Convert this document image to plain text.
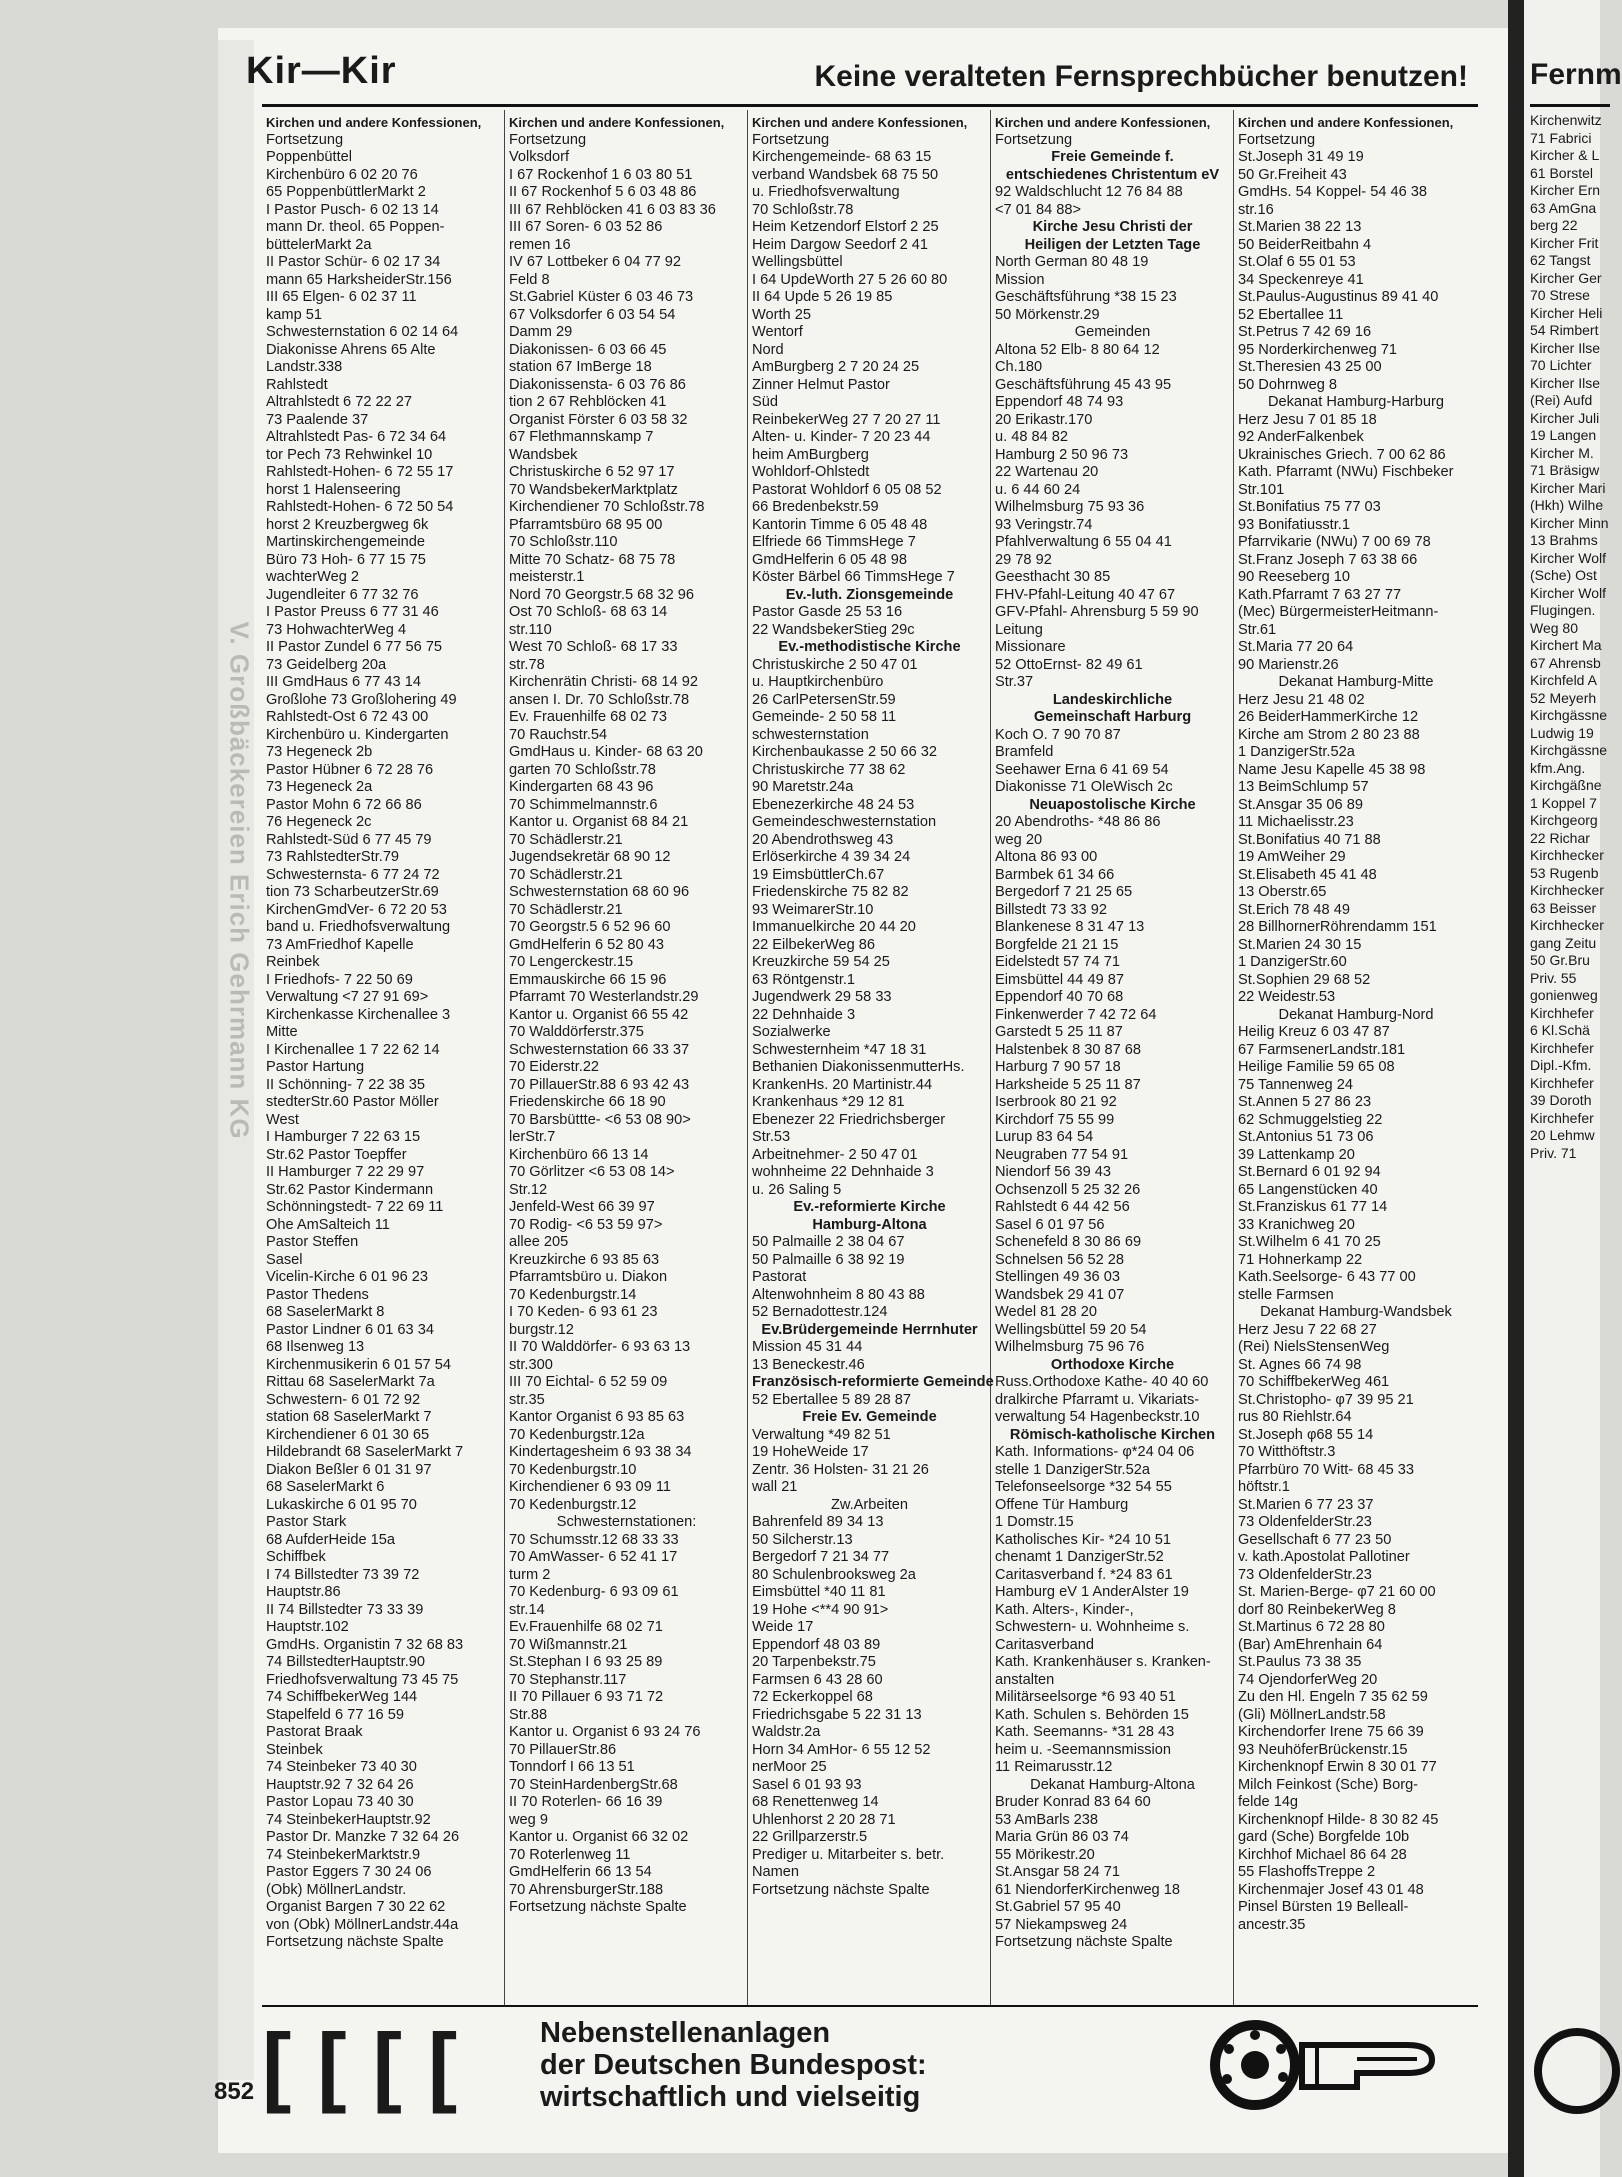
V. Großbäckereien Erich Gehrmann KG
Kir—Kir	Keine veralteten Fernsprechbücher benutzen!
Kirchen und andere Konfessionen,
Fortsetzung
Poppenbüttel
Kirchenbüro 6 02 20 76
65 PoppenbüttlerMarkt 2
I Pastor Pusch- 6 02 13 14
mann Dr. theol. 65 Poppen-
büttelerMarkt 2a
II Pastor Schür- 6 02 17 34
mann 65 HarksheiderStr.156
III 65 Elgen- 6 02 37 11
kamp 51
Schwesternstation 6 02 14 64
Diakonisse Ahrens 65 Alte
Landstr.338
Rahlstedt
Altrahlstedt 6 72 22 27
73 Paalende 37
Altrahlstedt Pas- 6 72 34 64
tor Pech 73 Rehwinkel 10
Rahlstedt-Hohen- 6 72 55 17
horst 1 Halenseering
Rahlstedt-Hohen- 6 72 50 54
horst 2 Kreuzbergweg 6k
Martinskirchengemeinde
Büro 73 Hoh- 6 77 15 75
wachterWeg 2
Jugendleiter 6 77 32 76
I Pastor Preuss 6 77 31 46
73 HohwachterWeg 4
II Pastor Zundel 6 77 56 75
73 Geidelberg 20a
III GmdHaus 6 77 43 14
Großlohe 73 Großlohering 49
Rahlstedt-Ost 6 72 43 00
Kirchenbüro u. Kindergarten
73 Hegeneck 2b
Pastor Hübner 6 72 28 76
73 Hegeneck 2a
Pastor Mohn 6 72 66 86
76 Hegeneck 2c
Rahlstedt-Süd 6 77 45 79
73 RahlstedterStr.79
Schwesternsta- 6 77 24 72
tion 73 ScharbeutzerStr.69
KirchenGmdVer- 6 72 20 53
band u. Friedhofsverwaltung
73 AmFriedhof Kapelle
Reinbek
I Friedhofs- 7 22 50 69
Verwaltung <7 27 91 69>
Kirchenkasse Kirchenallee 3
Mitte
I Kirchenallee 1 7 22 62 14
Pastor Hartung
II Schönning- 7 22 38 35
stedterStr.60 Pastor Möller
West
I Hamburger 7 22 63 15
Str.62 Pastor Toepffer
II Hamburger 7 22 29 97
Str.62 Pastor Kindermann
Schönningstedt- 7 22 69 11
Ohe AmSalteich 11
Pastor Steffen
Sasel
Vicelin-Kirche 6 01 96 23
Pastor Thedens
68 SaselerMarkt 8
Pastor Lindner 6 01 63 34
68 Ilsenweg 13
Kirchenmusikerin 6 01 57 54
Rittau 68 SaselerMarkt 7a
Schwestern- 6 01 72 92
station 68 SaselerMarkt 7
Kirchendiener 6 01 30 65
Hildebrandt 68 SaselerMarkt 7
Diakon Beßler 6 01 31 97
68 SaselerMarkt 6
Lukaskirche 6 01 95 70
Pastor Stark
68 AufderHeide 15a
Schiffbek
I 74 Billstedter 73 39 72
Hauptstr.86
II 74 Billstedter 73 33 39
Hauptstr.102
GmdHs. Organistin 7 32 68 83
74 BillstedterHauptstr.90
Friedhofsverwaltung 73 45 75
74 SchiffbekerWeg 144
Stapelfeld 6 77 16 59
Pastorat Braak
Steinbek
74 Steinbeker 73 40 30
Hauptstr.92 7 32 64 26
Pastor Lopau 73 40 30
74 SteinbekerHauptstr.92
Pastor Dr. Manzke 7 32 64 26
74 SteinbekerMarktstr.9
Pastor Eggers 7 30 24 06
(Obk) MöllnerLandstr.
Organist Bargen 7 30 22 62
von (Obk) MöllnerLandstr.44a
Fortsetzung nächste Spalte
Kirchen und andere Konfessionen,
Fortsetzung
Volksdorf
I 67 Rockenhof 1 6 03 80 51
II 67 Rockenhof 5 6 03 48 86
III 67 Rehblöcken 41 6 03 83 36
III 67 Soren- 6 03 52 86
remen 16
IV 67 Lottbeker 6 04 77 92
Feld 8
St.Gabriel Küster 6 03 46 73
67 Volksdorfer 6 03 54 54
Damm 29
Diakonissen- 6 03 66 45
station 67 ImBerge 18
Diakonissensta- 6 03 76 86
tion 2 67 Rehblöcken 41
Organist Förster 6 03 58 32
67 Flethmannskamp 7
Wandsbek
Christuskirche 6 52 97 17
70 WandsbekerMarktplatz
Kirchendiener 70 Schloßstr.78
Pfarramtsbüro 68 95 00
70 Schloßstr.110
Mitte 70 Schatz- 68 75 78
meisterstr.1
Nord 70 Georgstr.5 68 32 96
Ost 70 Schloß- 68 63 14
str.110
West 70 Schloß- 68 17 33
str.78
Kirchenrätin Christi- 68 14 92
ansen I. Dr. 70 Schloßstr.78
Ev. Frauenhilfe 68 02 73
70 Rauchstr.54
GmdHaus u. Kinder- 68 63 20
garten 70 Schloßstr.78
Kindergarten 68 43 96
70 Schimmelmannstr.6
Kantor u. Organist 68 84 21
70 Schädlerstr.21
Jugendsekretär 68 90 12
70 Schädlerstr.21
Schwesternstation 68 60 96
70 Schädlerstr.21
70 Georgstr.5 6 52 96 60
GmdHelferin 6 52 80 43
70 Lengerckestr.15
Emmauskirche 66 15 96
Pfarramt 70 Westerlandstr.29
Kantor u. Organist 66 55 42
70 Walddörferstr.375
Schwesternstation 66 33 37
70 Eiderstr.22
70 PillauerStr.88 6 93 42 43
Friedenskirche 66 18 90
70 Barsbüttte- <6 53 08 90>
lerStr.7
Kirchenbüro 66 13 14
70 Görlitzer <6 53 08 14>
Str.12
Jenfeld-West 66 39 97
70 Rodig- <6 53 59 97>
allee 205
Kreuzkirche 6 93 85 63
Pfarramtsbüro u. Diakon
70 Kedenburgstr.14
I 70 Keden- 6 93 61 23
burgstr.12
II 70 Walddörfer- 6 93 63 13
str.300
III 70 Eichtal- 6 52 59 09
str.35
Kantor Organist 6 93 85 63
70 Kedenburgstr.12a
Kindertagesheim 6 93 38 34
70 Kedenburgstr.10
Kirchendiener 6 93 09 11
70 Kedenburgstr.12
Schwesternstationen:
70 Schumsstr.12 68 33 33
70 AmWasser- 6 52 41 17
turm 2
70 Kedenburg- 6 93 09 61
str.14
Ev.Frauenhilfe 68 02 71
70 Wißmannstr.21
St.Stephan I 6 93 25 89
70 Stephanstr.117
II 70 Pillauer 6 93 71 72
Str.88
Kantor u. Organist 6 93 24 76
70 PillauerStr.86
Tonndorf I 66 13 51
70 SteinHardenbergStr.68
II 70 Roterlen- 66 16 39
weg 9
Kantor u. Organist 66 32 02
70 Roterlenweg 11
GmdHelferin 66 13 54
70 AhrensburgerStr.188
Fortsetzung nächste Spalte
Kirchen und andere Konfessionen,
Fortsetzung
Kirchengemeinde- 68 63 15
verband Wandsbek 68 75 50
u. Friedhofsverwaltung
70 Schloßstr.78
Heim Ketzendorf Elstorf 2 25
Heim Dargow Seedorf 2 41
Wellingsbüttel
I 64 UpdeWorth 27 5 26 60 80
II 64 Upde 5 26 19 85
Worth 25
Wentorf
Nord
AmBurgberg 2 7 20 24 25
Zinner Helmut Pastor
Süd
ReinbekerWeg 27 7 20 27 11
Alten- u. Kinder- 7 20 23 44
heim AmBurgberg
Wohldorf-Ohlstedt
Pastorat Wohldorf 6 05 08 52
66 Bredenbekstr.59
Kantorin Timme 6 05 48 48
Elfriede 66 TimmsHege 7
GmdHelferin 6 05 48 98
Köster Bärbel 66 TimmsHege 7
Ev.-luth. Zionsgemeinde
Pastor Gasde 25 53 16
22 WandsbekerStieg 29c
Ev.-methodistische Kirche
Christuskirche 2 50 47 01
u. Hauptkirchenbüro
26 CarlPetersenStr.59
Gemeinde- 2 50 58 11
schwesternstation
Kirchenbaukasse 2 50 66 32
Christuskirche 77 38 62
90 Maretstr.24a
Ebenezerkirche 48 24 53
Gemeindeschwesternstation
20 Abendrothsweg 43
Erlöserkirche 4 39 34 24
19 EimsbüttlerCh.67
Friedenskirche 75 82 82
93 WeimarerStr.10
Immanuelkirche 20 44 20
22 EilbekerWeg 86
Kreuzkirche 59 54 25
63 Röntgenstr.1
Jugendwerk 29 58 33
22 Dehnhaide 3
Sozialwerke
Schwesternheim *47 18 31
Bethanien DiakonissenmutterHs.
KrankenHs. 20 Martinistr.44
Krankenhaus *29 12 81
Ebenezer 22 Friedrichsberger
Str.53
Arbeitnehmer- 2 50 47 01
wohnheime 22 Dehnhaide 3
u. 26 Saling 5
Ev.-reformierte Kirche
Hamburg-Altona
50 Palmaille 2 38 04 67
50 Palmaille 6 38 92 19
Pastorat
Altenwohnheim 8 80 43 88
52 Bernadottestr.124
Ev.Brüdergemeinde Herrnhuter
Mission 45 31 44
13 Beneckestr.46
Französisch-reformierte Gemeinde
52 Ebertallee 5 89 28 87
Freie Ev. Gemeinde
Verwaltung *49 82 51
19 HoheWeide 17
Zentr. 36 Holsten- 31 21 26
wall 21
Zw.Arbeiten
Bahrenfeld 89 34 13
50 Silcherstr.13
Bergedorf 7 21 34 77
80 Schulenbrooksweg 2a
Eimsbüttel *40 11 81
19 Hohe <**4 90 91>
Weide 17
Eppendorf 48 03 89
20 Tarpenbekstr.75
Farmsen 6 43 28 60
72 Eckerkoppel 68
Friedrichsgabe 5 22 31 13
Waldstr.2a
Horn 34 AmHor- 6 55 12 52
nerMoor 25
Sasel 6 01 93 93
68 Renettenweg 14
Uhlenhorst 2 20 28 71
22 Grillparzerstr.5
Prediger u. Mitarbeiter s. betr.
Namen
Fortsetzung nächste Spalte
Kirchen und andere Konfessionen,
Fortsetzung
Freie Gemeinde f.
entschiedenes Christentum eV
92 Waldschlucht 12 76 84 88
<7 01 84 88>
Kirche Jesu Christi der
Heiligen der Letzten Tage
North German 80 48 19
Mission
Geschäftsführung *38 15 23
50 Mörkenstr.29
Gemeinden
Altona 52 Elb- 8 80 64 12
Ch.180
Geschäftsführung 45 43 95
Eppendorf 48 74 93
20 Erikastr.170
u. 48 84 82
Hamburg 2 50 96 73
22 Wartenau 20
u. 6 44 60 24
Wilhelmsburg 75 93 36
93 Veringstr.74
Pfahlverwaltung 6 55 04 41
29 78 92
Geesthacht 30 85
FHV-Pfahl-Leitung 40 47 67
GFV-Pfahl- Ahrensburg 5 59 90
Leitung
Missionare
52 OttoErnst- 82 49 61
Str.37
Landeskirchliche
Gemeinschaft Harburg
Koch O. 7 90 70 87
Bramfeld
Seehawer Erna 6 41 69 54
Diakonisse 71 OleWisch 2c
Neuapostolische Kirche
20 Abendroths- *48 86 86
weg 20
Altona 86 93 00
Barmbek 61 34 66
Bergedorf 7 21 25 65
Billstedt 73 33 92
Blankenese 8 31 47 13
Borgfelde 21 21 15
Eidelstedt 57 74 71
Eimsbüttel 44 49 87
Eppendorf 40 70 68
Finkenwerder 7 42 72 64
Garstedt 5 25 11 87
Halstenbek 8 30 87 68
Harburg 7 90 57 18
Harksheide 5 25 11 87
Iserbrook 80 21 92
Kirchdorf 75 55 99
Lurup 83 64 54
Neugraben 77 54 91
Niendorf 56 39 43
Ochsenzoll 5 25 32 26
Rahlstedt 6 44 42 56
Sasel 6 01 97 56
Schenefeld 8 30 86 69
Schnelsen 56 52 28
Stellingen 49 36 03
Wandsbek 29 41 07
Wedel 81 28 20
Wellingsbüttel 59 20 54
Wilhelmsburg 75 96 76
Orthodoxe Kirche
Russ.Orthodoxe Kathe- 40 40 60
dralkirche Pfarramt u. Vikariats-
verwaltung 54 Hagenbeckstr.10
Römisch-katholische Kirchen
Kath. Informations- φ*24 04 06
stelle 1 DanzigerStr.52a
Telefonseelsorge *32 54 55
Offene Tür Hamburg
1 Domstr.15
Katholisches Kir- *24 10 51
chenamt 1 DanzigerStr.52
Caritasverband f. *24 83 61
Hamburg eV 1 AnderAlster 19
Kath. Alters-, Kinder-,
Schwestern- u. Wohnheime s.
Caritasverband
Kath. Krankenhäuser s. Kranken-
anstalten
Militärseelsorge *6 93 40 51
Kath. Schulen s. Behörden 15
Kath. Seemanns- *31 28 43
heim u. -Seemannsmission
11 Reimarusstr.12
Dekanat Hamburg-Altona
Bruder Konrad 83 64 60
53 AmBarls 238
Maria Grün 86 03 74
55 Mörikestr.20
St.Ansgar 58 24 71
61 NiendorferKirchenweg 18
St.Gabriel 57 95 40
57 Niekampsweg 24
Fortsetzung nächste Spalte
Kirchen und andere Konfessionen,
Fortsetzung
St.Joseph 31 49 19
50 Gr.Freiheit 43
GmdHs. 54 Koppel- 54 46 38
str.16
St.Marien 38 22 13
50 BeiderReitbahn 4
St.Olaf 6 55 01 53
34 Speckenreye 41
St.Paulus-Augustinus 89 41 40
52 Ebertallee 11
St.Petrus 7 42 69 16
95 Norderkirchenweg 71
St.Theresien 43 25 00
50 Dohrnweg 8
Dekanat Hamburg-Harburg
Herz Jesu 7 01 85 18
92 AnderFalkenbek
Ukrainisches Griech. 7 00 62 86
Kath. Pfarramt (NWu) Fischbeker
Str.101
St.Bonifatius 75 77 03
93 Bonifatiusstr.1
Pfarrvikarie (NWu) 7 00 69 78
St.Franz Joseph 7 63 38 66
90 Reeseberg 10
Kath.Pfarramt 7 63 27 77
(Mec) BürgermeisterHeitmann-
Str.61
St.Maria 77 20 64
90 Marienstr.26
Dekanat Hamburg-Mitte
Herz Jesu 21 48 02
26 BeiderHammerKirche 12
Kirche am Strom 2 80 23 88
1 DanzigerStr.52a
Name Jesu Kapelle 45 38 98
13 BeimSchlump 57
St.Ansgar 35 06 89
11 Michaelisstr.23
St.Bonifatius 40 71 88
19 AmWeiher 29
St.Elisabeth 45 41 48
13 Oberstr.65
St.Erich 78 48 49
28 BillhornerRöhrendamm 151
St.Marien 24 30 15
1 DanzigerStr.60
St.Sophien 29 68 52
22 Weidestr.53
Dekanat Hamburg-Nord
Heilig Kreuz 6 03 47 87
67 FarmsenerLandstr.181
Heilige Familie 59 65 08
75 Tannenweg 24
St.Annen 5 27 86 23
62 Schmuggelstieg 22
St.Antonius 51 73 06
39 Lattenkamp 20
St.Bernard 6 01 92 94
65 Langenstücken 40
St.Franziskus 61 77 14
33 Kranichweg 20
St.Wilhelm 6 41 70 25
71 Hohnerkamp 22
Kath.Seelsorge- 6 43 77 00
stelle Farmsen
Dekanat Hamburg-Wandsbek
Herz Jesu 7 22 68 27
(Rei) NielsStensenWeg
St. Agnes 66 74 98
70 SchiffbekerWeg 461
St.Christopho- φ7 39 95 21
rus 80 Riehlstr.64
St.Joseph φ68 55 14
70 Witthöftstr.3
Pfarrbüro 70 Witt- 68 45 33
höftstr.1
St.Marien 6 77 23 37
73 OldenfelderStr.23
Gesellschaft 6 77 23 50
v. kath.Apostolat Pallotiner
73 OldenfelderStr.23
St. Marien-Berge- φ7 21 60 00
dorf 80 ReinbekerWeg 8
St.Martinus 6 72 28 80
(Bar) AmEhrenhain 64
St.Paulus 73 38 35
74 OjendorferWeg 20
Zu den Hl. Engeln 7 35 62 59
(Gli) MöllnerLandstr.58
Kirchendorfer Irene 75 66 39
93 NeuhöferBrückenstr.15
Kirchenknopf Erwin 8 30 01 77
Milch Feinkost (Sche) Borg-
felde 14g
Kirchenknopf Hilde- 8 30 82 45
gard (Sche) Borgfelde 10b
Kirchhof Michael 86 64 28
55 FlashoffsTreppe 2
Kirchenmajer Josef 43 01 48
Pinsel Bürsten 19 Belleall-
ancestr.35
[[[[ Nebenstellenanlagen
der Deutschen Bundespost:
wirtschaftlich und vielseitig
852
Fernm
Kirchenwitz
71 Fabrici
Kircher & L
61 Borstel
Kircher Ern
63 AmGna
berg 22
Kircher Frit
62 Tangst
Kircher Ger
70 Strese
Kircher Heli
54 Rimbert
Kircher Ilse
70 Lichter
Kircher Ilse
(Rei) Aufd
Kircher Juli
19 Langen
Kircher M.
71 Bräsigw
Kircher Mari
(Hkh) Wilhe
Kircher Minn
13 Brahms
Kircher Wolf
(Sche) Ost
Kircher Wolf
Flugingen.
Weg 80
Kirchert Ma
67 Ahrensb
Kirchfeld A
52 Meyerh
Kirchgässne
Ludwig 19
Kirchgässne
kfm.Ang.
Kirchgäßne
1 Koppel 7
Kirchgeorg
22 Richar
Kirchhecker
53 Rugenb
Kirchhecker
63 Beisser
Kirchhecker
gang Zeitu
50 Gr.Bru
Priv. 55
gonienweg
Kirchhefer
6 Kl.Schä
Kirchhefer
Dipl.-Kfm.
Kirchhefer
39 Doroth
Kirchhefer
20 Lehmw
Priv. 71
